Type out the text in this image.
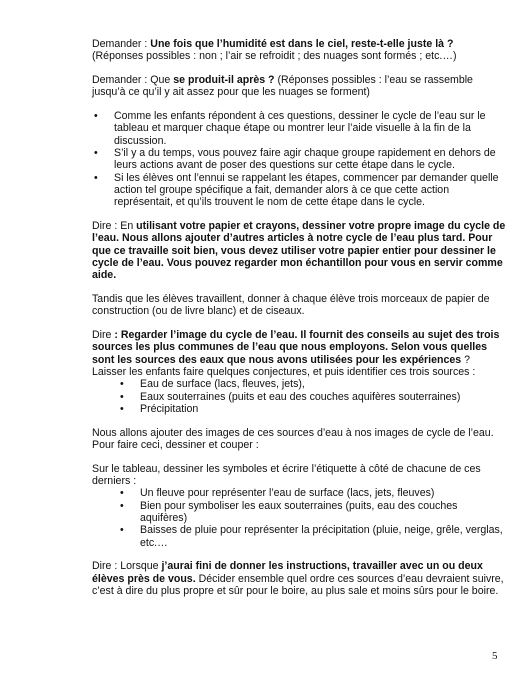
Demander : Une fois que l’humidité est dans le ciel, reste-t-elle juste là ? (Réponses possibles : non ; l’air se refroidit ; des nuages sont formés ; etc.…)

Demander : Que se produit-il après ? (Réponses possibles : l’eau se rassemble jusqu’à ce qu’il y ait assez pour que les nuages se forment)

• Comme les enfants répondent à ces questions, dessiner le cycle de l’eau sur le tableau et marquer chaque étape ou montrer leur l’aide visuelle à la fin de la discussion.
• S’il y a du temps, vous pouvez faire agir chaque groupe rapidement en dehors de leurs actions avant de poser des questions sur cette étape dans le cycle.
• Si les élèves ont l’ennui se rappelant les étapes, commencer par demander quelle action tel groupe spécifique a fait, demander alors à ce que cette action représentait, et qu’ils trouvent le nom de cette étape dans le cycle.

Dire : En utilisant votre papier et crayons, dessiner votre propre image du cycle de l’eau. Nous allons ajouter d’autres articles à notre cycle de l’eau plus tard. Pour que ce travaille soit bien, vous devez utiliser votre papier entier pour dessiner le cycle de l’eau. Vous pouvez regarder mon échantillon pour vous en servir comme aide.

Tandis que les élèves travaillent, donner à chaque élève trois morceaux de papier de construction (ou de livre blanc) et de ciseaux.

Dire : Regarder l’image du cycle de l’eau. Il fournit des conseils au sujet des trois sources les plus communes de l’eau que nous employons. Selon vous quelles sont les sources des eaux que nous avons utilisées pour les expériences ? Laisser les enfants faire quelques conjectures, et puis identifier ces trois sources :

• Eau de surface (lacs, fleuves, jets),
• Eaux souterraines (puits et eau des couches aquifères souterraines)
• Précipitation

Nous allons ajouter des images de ces sources d’eau à nos images de cycle de l’eau. Pour faire ceci, dessiner et couper :

Sur le tableau, dessiner les symboles et écrire l’étiquette à côté de chacune de ces derniers :

• Un fleuve pour représenter l’eau de surface (lacs, jets, fleuves)
• Bien pour symboliser les eaux souterraines (puits, eau des couches aquifères)
• Baisses de pluie pour représenter la précipitation (pluie, neige, grêle, verglas, etc.…

Dire : Lorsque j’aurai fini de donner les instructions, travailler avec un ou deux élèves près de vous. Décider ensemble quel ordre ces sources d’eau devraient suivre, c’est à dire du plus propre et sûr pour le boire, au plus sale et moins sûrs pour le boire.

5
